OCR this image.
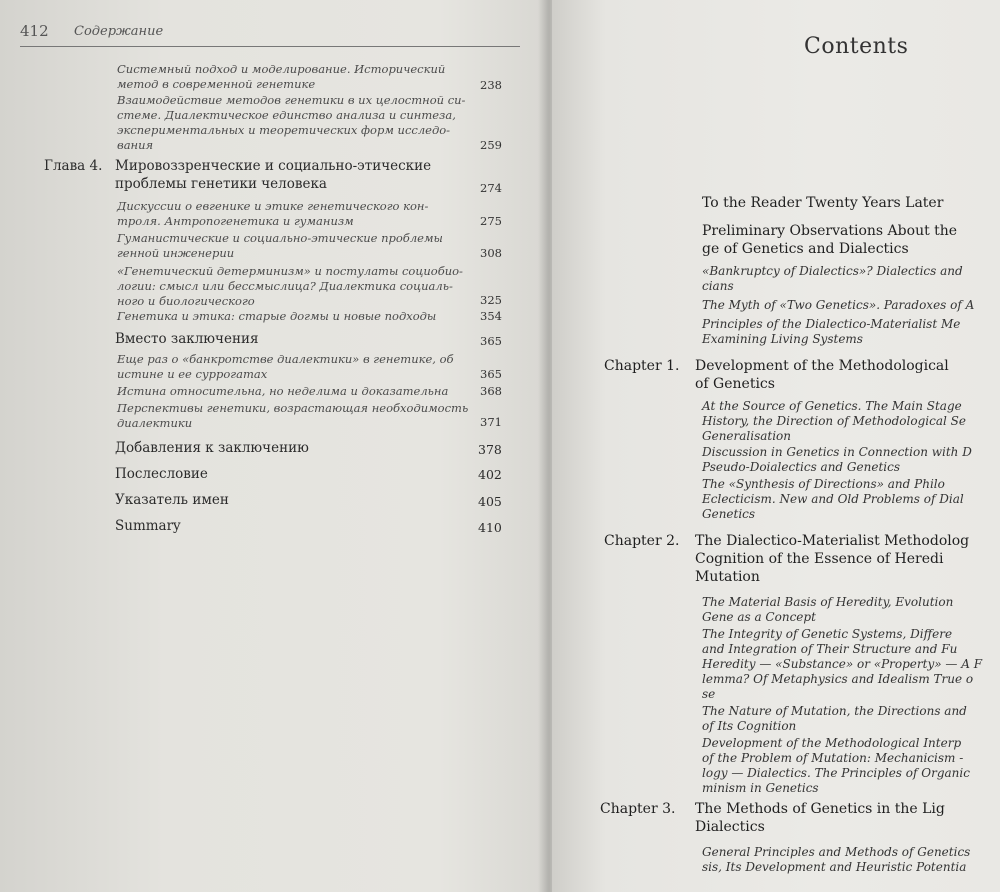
412 Содержание
Системный подход и моделирование. Исторический
метод в современной генетике	238
Взаимодействие методов генетики в их целостной си-
стеме. Диалектическое единство анализа и синтеза,
экспериментальных и теоретических форм исследо-
вания	259
Глава 4. Мировоззренческие и социально-этические
проблемы генетики человека	274
Дискуссии о евгенике и этике генетического кон-
троля. Антропогенетика и гуманизм	275
Гуманистические и социально-этические проблемы
генной инженерии	308
«Генетический детерминизм» и постулаты социобио-
логии: смысл или бессмыслица? Диалектика социаль-
ного и биологического	325
Генетика и этика: старые догмы и новые подходы	354
Вместо заключения	365
Еще раз о «банкротстве диалектики» в генетике, об
истине и ее суррогатах	365
Истина относительна, но неделима и доказательна	368
Перспективы генетики, возрастающая необходимость
диалектики	371
Добавления к заключению	378
Послесловие	402
Указатель имен	405
Summary	410
Contents
To the Reader Twenty Years Later
Preliminary Observations About the
ge of Genetics and Dialectics
«Bankruptcy of Dialectics»? Dialectics and
cians
The Myth of «Two Genetics». Paradoxes of A
Principles of the Dialectico-Materialist Me
Examining Living Systems
Chapter 1. Development of the Methodological
of Genetics
At the Source of Genetics. The Main Stage
History, the Direction of Methodological Se
Generalisation
Discussion in Genetics in Connection with D
Pseudo-Doialectics and Genetics
The «Synthesis of Directions» and Philo
Eclecticism. New and Old Problems of Dial
Genetics
Chapter 2. The Dialectico-Materialist Methodolog
Cognition of the Essence of Heredi
Mutation
The Material Basis of Heredity, Evolution
Gene as a Concept
The Integrity of Genetic Systems, Differe
and Integration of Their Structure and Fu
Heredity — «Substance» or «Property» — A F
lemma? Of Metaphysics and Idealism True o
se
The Nature of Mutation, the Directions and
of Its Cognition
Development of the Methodological Interp
of the Problem of Mutation: Mechanicism -
logy — Dialectics. The Principles of Organic
minism in Genetics
Chapter 3. The Methods of Genetics in the Lig
Dialectics
General Principles and Methods of Genetics
sis, Its Development and Heuristic Potentia
